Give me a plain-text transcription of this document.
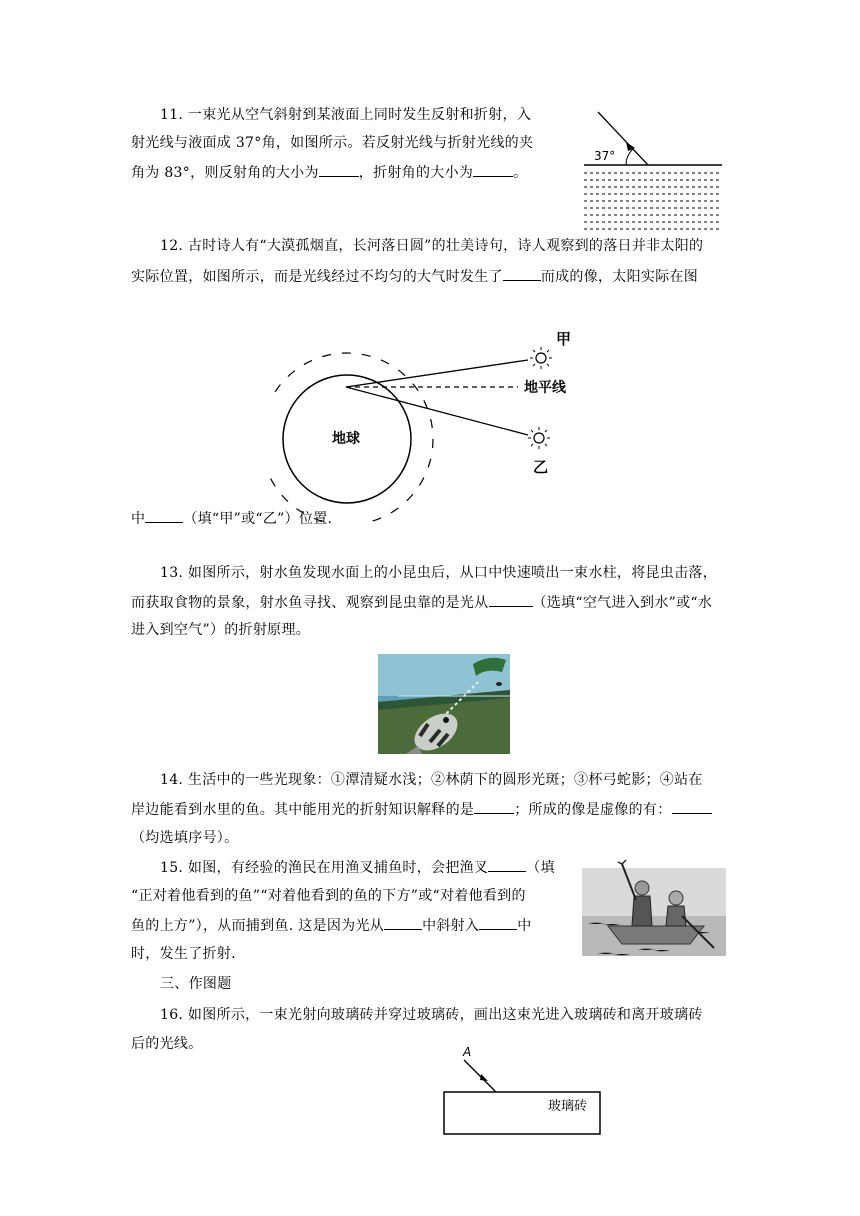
11. 一束光从空气斜射到某液面上同时发生反射和折射，入
射光线与液面成 37°角，如图所示。若反射光线与折射光线的夹
角为 83°，则反射角的大小为	，折射角的大小为	。
37°
12. 古时诗人有“大漠孤烟直，长河落日圆”的壮美诗句，诗人观察到的落日并非太阳的
实际位置，如图所示，而是光线经过不均匀的大气时发生了	而成的像，太阳实际在图
地球
地平线
甲
乙
中	（填“甲”或“乙”）位置.
13. 如图所示，射水鱼发现水面上的小昆虫后，从口中快速喷出一束水柱，将昆虫击落，
而获取食物的景象，射水鱼寻找、观察到昆虫靠的是光从	（选填“空气进入到水”或“水
进入到空气”）的折射原理。
14. 生活中的一些光现象：①潭清疑水浅；②林荫下的圆形光斑；③杯弓蛇影；④站在
岸边能看到水里的鱼。其中能用光的折射知识解释的是	；所成的像是虚像的有：
（均选填序号）。
15. 如图，有经验的渔民在用渔叉捕鱼时，会把渔叉	（填
“正对着他看到的鱼”“对着他看到的鱼的下方”或“对着他看到的
鱼的上方”），从而捕到鱼. 这是因为光从	中斜射入	中
时，发生了折射.
三、作图题
16. 如图所示，一束光射向玻璃砖并穿过玻璃砖，画出这束光进入玻璃砖和离开玻璃砖
后的光线。	A
玻璃砖
